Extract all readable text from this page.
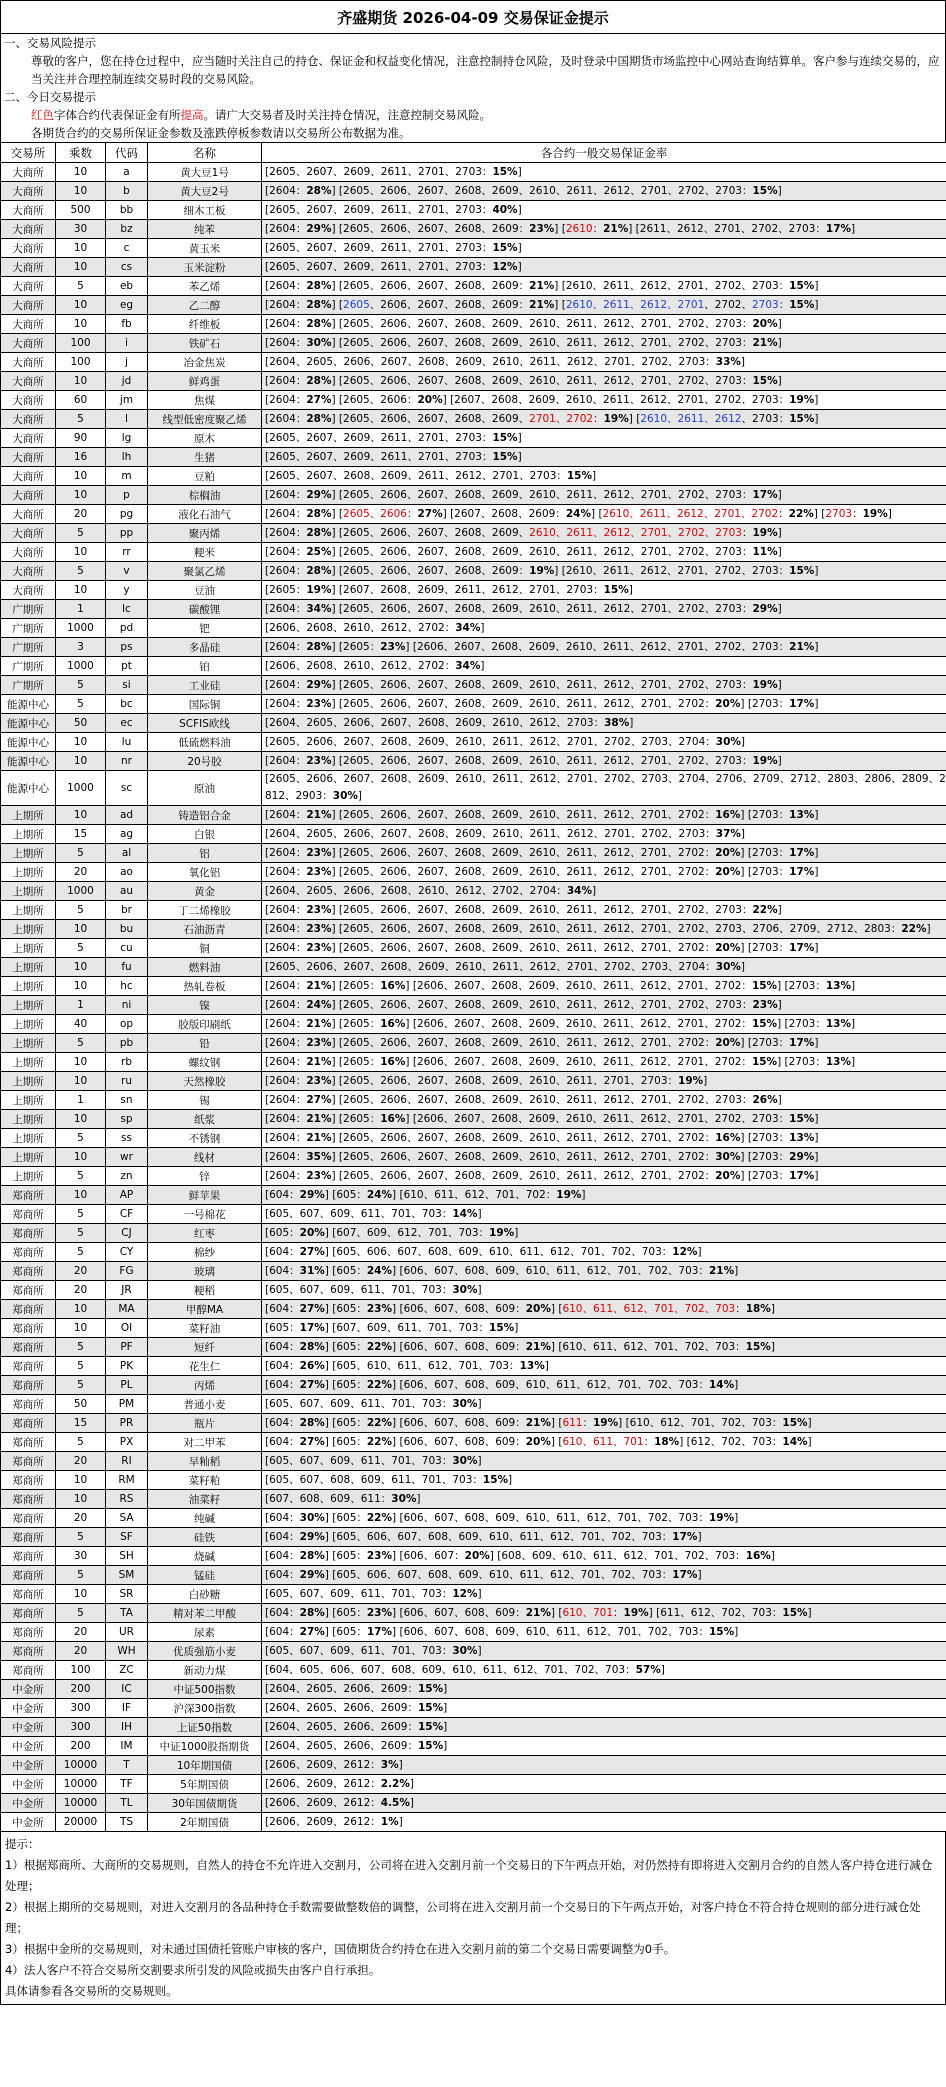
齐盛期货 2026-04-09 交易保证金提示
一、交易风险提示
尊敬的客户，您在持仓过程中，应当随时关注自己的持仓、保证金和权益变化情况，注意控制持仓风险，及时登录中国期货市场监控中心网站查询结算单。客户参与连续交易的，应当关注并合理控制连续交易时段的交易风险。
二、今日交易提示
红色字体合约代表保证金有所提高。请广大交易者及时关注持仓情况，注意控制交易风险。
各期货合约的交易所保证金参数及涨跌停板参数请以交易所公布数据为准。
交易所	乘数	代码	名称	各合约一般交易保证金率
大商所	10	a	黄大豆1号	[2605、2607、2609、2611、2701、2703：15%]
大商所	10	b	黄大豆2号	[2604：28%] [2605、2606、2607、2608、2609、2610、2611、2612、2701、2702、2703：15%]
大商所	500	bb	细木工板	[2605、2607、2609、2611、2701、2703：40%]
大商所	30	bz	纯苯	[2604：29%] [2605、2606、2607、2608、2609：23%] [2610：21%] [2611、2612、2701、2702、2703：17%]
大商所	10	c	黄玉米	[2605、2607、2609、2611、2701、2703：15%]
大商所	10	cs	玉米淀粉	[2605、2607、2609、2611、2701、2703：12%]
大商所	5	eb	苯乙烯	[2604：28%] [2605、2606、2607、2608、2609：21%] [2610、2611、2612、2701、2702、2703：15%]
大商所	10	eg	乙二醇	[2604：28%] [2605、2606、2607、2608、2609：21%] [2610、2611、2612、2701、2702、2703：15%]
大商所	10	fb	纤维板	[2604：28%] [2605、2606、2607、2608、2609、2610、2611、2612、2701、2702、2703：20%]
大商所	100	i	铁矿石	[2604：30%] [2605、2606、2607、2608、2609、2610、2611、2612、2701、2702、2703：21%]
大商所	100	j	冶金焦炭	[2604、2605、2606、2607、2608、2609、2610、2611、2612、2701、2702、2703：33%]
大商所	10	jd	鲜鸡蛋	[2604：28%] [2605、2606、2607、2608、2609、2610、2611、2612、2701、2702、2703：15%]
大商所	60	jm	焦煤	[2604：27%] [2605、2606：20%] [2607、2608、2609、2610、2611、2612、2701、2702、2703：19%]
大商所	5	l	线型低密度聚乙烯	[2604：28%] [2605、2606、2607、2608、2609、2701、2702：19%] [2610、2611、2612、2703：15%]
大商所	90	lg	原木	[2605、2607、2609、2611、2701、2703：15%]
大商所	16	lh	生猪	[2605、2607、2609、2611、2701、2703：15%]
大商所	10	m	豆粕	[2605、2607、2608、2609、2611、2612、2701、2703：15%]
大商所	10	p	棕榈油	[2604：29%] [2605、2606、2607、2608、2609、2610、2611、2612、2701、2702、2703：17%]
大商所	20	pg	液化石油气	[2604：28%] [2605、2606：27%] [2607、2608、2609：24%] [2610、2611、2612、2701、2702：22%] [2703：19%]
大商所	5	pp	聚丙烯	[2604：28%] [2605、2606、2607、2608、2609、2610、2611、2612、2701、2702、2703：19%]
大商所	10	rr	粳米	[2604：25%] [2605、2606、2607、2608、2609、2610、2611、2612、2701、2702、2703：11%]
大商所	5	v	聚氯乙烯	[2604：28%] [2605、2606、2607、2608、2609：19%] [2610、2611、2612、2701、2702、2703：15%]
大商所	10	y	豆油	[2605：19%] [2607、2608、2609、2611、2612、2701、2703：15%]
广期所	1	lc	碳酸锂	[2604：34%] [2605、2606、2607、2608、2609、2610、2611、2612、2701、2702、2703：29%]
广期所	1000	pd	钯	[2606、2608、2610、2612、2702：34%]
广期所	3	ps	多晶硅	[2604：28%] [2605：23%] [2606、2607、2608、2609、2610、2611、2612、2701、2702、2703：21%]
广期所	1000	pt	铂	[2606、2608、2610、2612、2702：34%]
广期所	5	si	工业硅	[2604：29%] [2605、2606、2607、2608、2609、2610、2611、2612、2701、2702、2703：19%]
能源中心	5	bc	国际铜	[2604：23%] [2605、2606、2607、2608、2609、2610、2611、2612、2701、2702：20%] [2703：17%]
能源中心	50	ec	SCFIS欧线	[2604、2605、2606、2607、2608、2609、2610、2612、2703：38%]
能源中心	10	lu	低硫燃料油	[2605、2606、2607、2608、2609、2610、2611、2612、2701、2702、2703、2704：30%]
能源中心	10	nr	20号胶	[2604：23%] [2605、2606、2607、2608、2609、2610、2611、2612、2701、2702、2703：19%]
能源中心	1000	sc	原油	[2605、2606、2607、2608、2609、2610、2611、2612、2701、2702、2703、2704、2706、2709、2712、2803、2806、2809、2812、2903：30%]
上期所	10	ad	铸造铝合金	[2604：21%] [2605、2606、2607、2608、2609、2610、2611、2612、2701、2702：16%] [2703：13%]
上期所	15	ag	白银	[2604、2605、2606、2607、2608、2609、2610、2611、2612、2701、2702、2703：37%]
上期所	5	al	铝	[2604：23%] [2605、2606、2607、2608、2609、2610、2611、2612、2701、2702：20%] [2703：17%]
上期所	20	ao	氧化铝	[2604：23%] [2605、2606、2607、2608、2609、2610、2611、2612、2701、2702：20%] [2703：17%]
上期所	1000	au	黄金	[2604、2605、2606、2608、2610、2612、2702、2704：34%]
上期所	5	br	丁二烯橡胶	[2604：23%] [2605、2606、2607、2608、2609、2610、2611、2612、2701、2702、2703：22%]
上期所	10	bu	石油沥青	[2604：23%] [2605、2606、2607、2608、2609、2610、2611、2612、2701、2702、2703、2706、2709、2712、2803：22%]
上期所	5	cu	铜	[2604：23%] [2605、2606、2607、2608、2609、2610、2611、2612、2701、2702：20%] [2703：17%]
上期所	10	fu	燃料油	[2605、2606、2607、2608、2609、2610、2611、2612、2701、2702、2703、2704：30%]
上期所	10	hc	热轧卷板	[2604：21%] [2605：16%] [2606、2607、2608、2609、2610、2611、2612、2701、2702：15%] [2703：13%]
上期所	1	ni	镍	[2604：24%] [2605、2606、2607、2608、2609、2610、2611、2612、2701、2702、2703：23%]
上期所	40	op	胶版印刷纸	[2604：21%] [2605：16%] [2606、2607、2608、2609、2610、2611、2612、2701、2702：15%] [2703：13%]
上期所	5	pb	铅	[2604：23%] [2605、2606、2607、2608、2609、2610、2611、2612、2701、2702：20%] [2703：17%]
上期所	10	rb	螺纹钢	[2604：21%] [2605：16%] [2606、2607、2608、2609、2610、2611、2612、2701、2702：15%] [2703：13%]
上期所	10	ru	天然橡胶	[2604：23%] [2605、2606、2607、2608、2609、2610、2611、2701、2703：19%]
上期所	1	sn	锡	[2604：27%] [2605、2606、2607、2608、2609、2610、2611、2612、2701、2702、2703：26%]
上期所	10	sp	纸浆	[2604：21%] [2605：16%] [2606、2607、2608、2609、2610、2611、2612、2701、2702、2703：15%]
上期所	5	ss	不锈钢	[2604：21%] [2605、2606、2607、2608、2609、2610、2611、2612、2701、2702：16%] [2703：13%]
上期所	10	wr	线材	[2604：35%] [2605、2606、2607、2608、2609、2610、2611、2612、2701、2702：30%] [2703：29%]
上期所	5	zn	锌	[2604：23%] [2605、2606、2607、2608、2609、2610、2611、2612、2701、2702：20%] [2703：17%]
郑商所	10	AP	鲜苹果	[604：29%] [605：24%] [610、611、612、701、702：19%]
郑商所	5	CF	一号棉花	[605、607、609、611、701、703：14%]
郑商所	5	CJ	红枣	[605：20%] [607、609、612、701、703：19%]
郑商所	5	CY	棉纱	[604：27%] [605、606、607、608、609、610、611、612、701、702、703：12%]
郑商所	20	FG	玻璃	[604：31%] [605：24%] [606、607、608、609、610、611、612、701、702、703：21%]
郑商所	20	JR	粳稻	[605、607、609、611、701、703：30%]
郑商所	10	MA	甲醇MA	[604：27%] [605：23%] [606、607、608、609：20%] [610、611、612、701、702、703：18%]
郑商所	10	OI	菜籽油	[605：17%] [607、609、611、701、703：15%]
郑商所	5	PF	短纤	[604：28%] [605：22%] [606、607、608、609：21%] [610、611、612、701、702、703：15%]
郑商所	5	PK	花生仁	[604：26%] [605、610、611、612、701、703：13%]
郑商所	5	PL	丙烯	[604：27%] [605：22%] [606、607、608、609、610、611、612、701、702、703：14%]
郑商所	50	PM	普通小麦	[605、607、609、611、701、703：30%]
郑商所	15	PR	瓶片	[604：28%] [605：22%] [606、607、608、609：21%] [611：19%] [610、612、701、702、703：15%]
郑商所	5	PX	对二甲苯	[604：27%] [605：22%] [606、607、608、609：20%] [610、611、701：18%] [612、702、703：14%]
郑商所	20	RI	早籼稻	[605、607、609、611、701、703：30%]
郑商所	10	RM	菜籽粕	[605、607、608、609、611、701、703：15%]
郑商所	10	RS	油菜籽	[607、608、609、611：30%]
郑商所	20	SA	纯碱	[604：30%] [605：22%] [606、607、608、609、610、611、612、701、702、703：19%]
郑商所	5	SF	硅铁	[604：29%] [605、606、607、608、609、610、611、612、701、702、703：17%]
郑商所	30	SH	烧碱	[604：28%] [605：23%] [606、607：20%] [608、609、610、611、612、701、702、703：16%]
郑商所	5	SM	锰硅	[604：29%] [605、606、607、608、609、610、611、612、701、702、703：17%]
郑商所	10	SR	白砂糖	[605、607、609、611、701、703：12%]
郑商所	5	TA	精对苯二甲酸	[604：28%] [605：23%] [606、607、608、609：21%] [610、701：19%] [611、612、702、703：15%]
郑商所	20	UR	尿素	[604：27%] [605：17%] [606、607、608、609、610、611、612、701、702、703：15%]
郑商所	20	WH	优质强筋小麦	[605、607、609、611、701、703：30%]
郑商所	100	ZC	新动力煤	[604、605、606、607、608、609、610、611、612、701、702、703：57%]
中金所	200	IC	中证500指数	[2604、2605、2606、2609：15%]
中金所	300	IF	沪深300指数	[2604、2605、2606、2609：15%]
中金所	300	IH	上证50指数	[2604、2605、2606、2609：15%]
中金所	200	IM	中证1000股指期货	[2604、2605、2606、2609：15%]
中金所	10000	T	10年期国债	[2606、2609、2612：3%]
中金所	10000	TF	5年期国债	[2606、2609、2612：2.2%]
中金所	10000	TL	30年国债期货	[2606、2609、2612：4.5%]
中金所	20000	TS	2年期国债	[2606、2609、2612：1%]
提示：
1）根据郑商所、大商所的交易规则，自然人的持仓不允许进入交割月，公司将在进入交割月前一个交易日的下午两点开始，对仍然持有即将进入交割月合约的自然人客户持仓进行减仓处理；
2）根据上期所的交易规则，对进入交割月的各品种持仓手数需要做整数倍的调整，公司将在进入交割月前一个交易日的下午两点开始，对客户持仓不符合持仓规则的部分进行减仓处理；
3）根据中金所的交易规则，对未通过国债托管账户审核的客户，国债期货合约持仓在进入交割月前的第二个交易日需要调整为0手。
4）法人客户不符合交易所交割要求所引发的风险或损失由客户自行承担。
具体请参看各交易所的交易规则。
